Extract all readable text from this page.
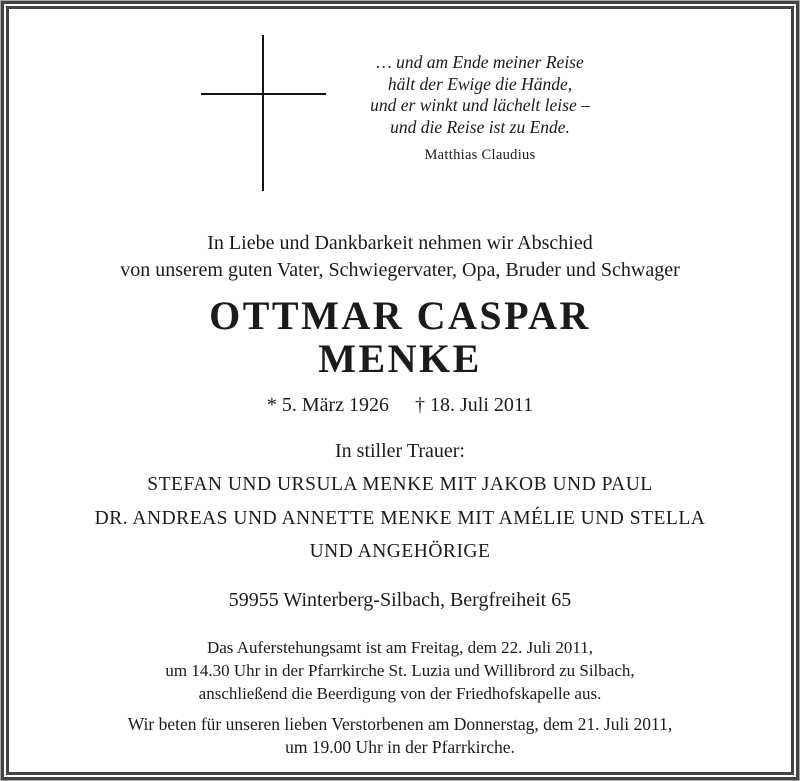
… und am Ende meiner Reise
hält der Ewige die Hände,
und er winkt und lächelt leise –
und die Reise ist zu Ende.
Matthias Claudius
In Liebe und Dankbarkeit nehmen wir Abschied
von unserem guten Vater, Schwiegervater, Opa, Bruder und Schwager
OTTMAR CASPAR
MENKE
* 5. März 1926 † 18. Juli 2011
In stiller Trauer:
STEFAN UND URSULA MENKE MIT JAKOB UND PAUL
DR. ANDREAS UND ANNETTE MENKE MIT AMÉLIE UND STELLA
UND ANGEHÖRIGE
59955 Winterberg-Silbach, Bergfreiheit 65
Das Auferstehungsamt ist am Freitag, dem 22. Juli 2011,
um 14.30 Uhr in der Pfarrkirche St. Luzia und Willibrord zu Silbach,
anschließend die Beerdigung von der Friedhofskapelle aus.
Wir beten für unseren lieben Verstorbenen am Donnerstag, dem 21. Juli 2011,
um 19.00 Uhr in der Pfarrkirche.
